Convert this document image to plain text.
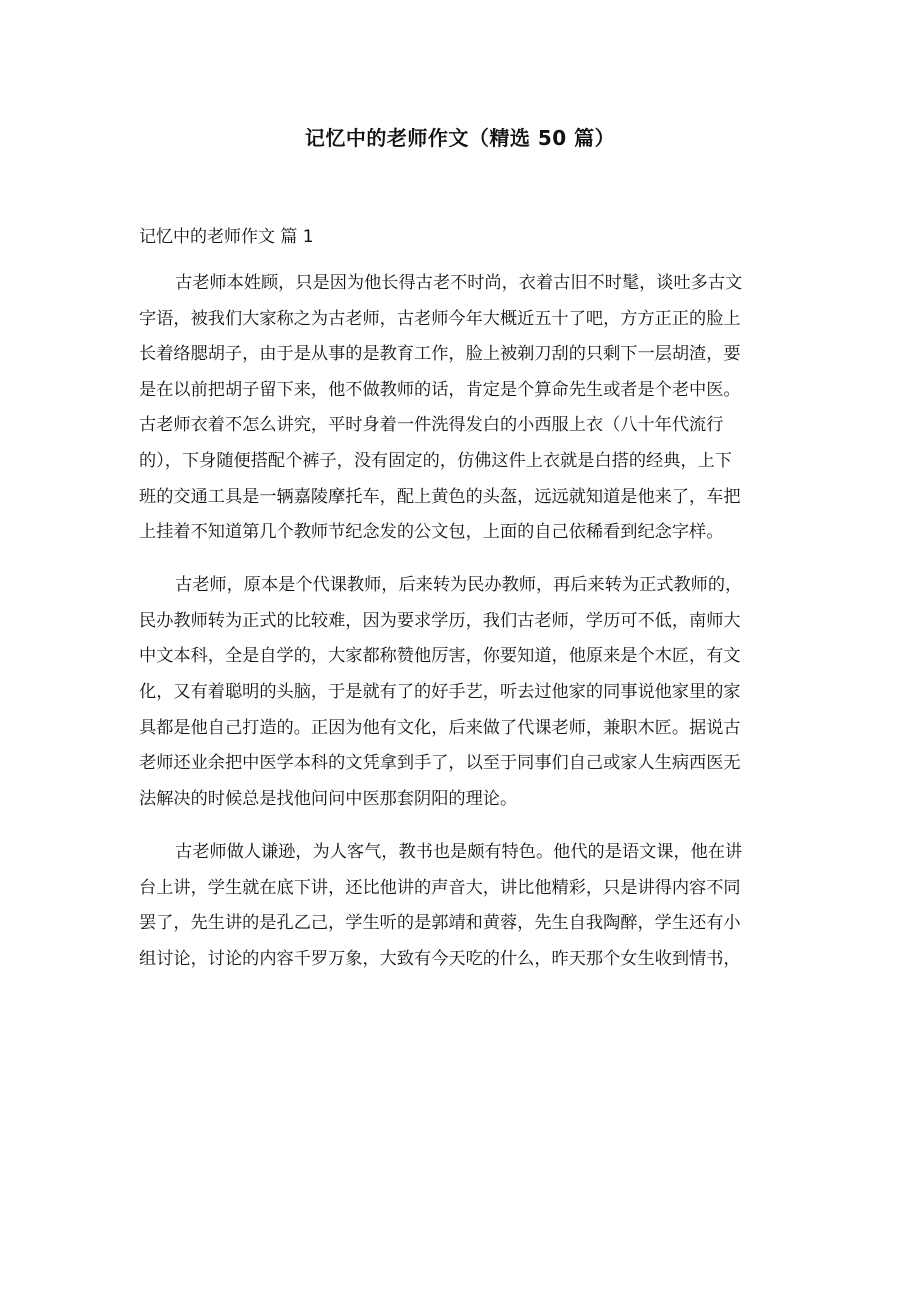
记忆中的老师作文（精选 50 篇）
记忆中的老师作文 篇 1
古老师本姓顾，只是因为他长得古老不时尚，衣着古旧不时髦，谈吐多古文
字语，被我们大家称之为古老师，古老师今年大概近五十了吧，方方正正的脸上
长着络腮胡子，由于是从事的是教育工作，脸上被剃刀刮的只剩下一层胡渣，要
是在以前把胡子留下来，他不做教师的话，肯定是个算命先生或者是个老中医。
古老师衣着不怎么讲究，平时身着一件洗得发白的小西服上衣（八十年代流行
的），下身随便搭配个裤子，没有固定的，仿佛这件上衣就是白搭的经典，上下
班的交通工具是一辆嘉陵摩托车，配上黄色的头盔，远远就知道是他来了，车把
上挂着不知道第几个教师节纪念发的公文包，上面的自己依稀看到纪念字样。
古老师，原本是个代课教师，后来转为民办教师，再后来转为正式教师的，
民办教师转为正式的比较难，因为要求学历，我们古老师，学历可不低，南师大
中文本科，全是自学的，大家都称赞他厉害，你要知道，他原来是个木匠，有文
化，又有着聪明的头脑，于是就有了的好手艺，听去过他家的同事说他家里的家
具都是他自己打造的。正因为他有文化，后来做了代课老师，兼职木匠。据说古
老师还业余把中医学本科的文凭拿到手了，以至于同事们自己或家人生病西医无
法解决的时候总是找他问问中医那套阴阳的理论。
古老师做人谦逊，为人客气，教书也是颇有特色。他代的是语文课，他在讲
台上讲，学生就在底下讲，还比他讲的声音大，讲比他精彩，只是讲得内容不同
罢了，先生讲的是孔乙己，学生听的是郭靖和黄蓉，先生自我陶醉，学生还有小
组讨论，讨论的内容千罗万象，大致有今天吃的什么，昨天那个女生收到情书，
